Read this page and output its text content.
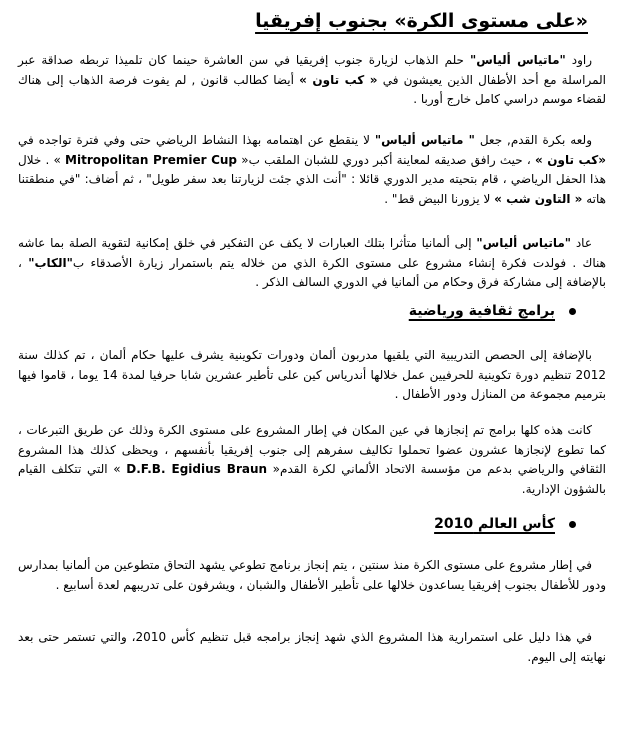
«على مستوى الكرة» بجنوب إفريقيا

راود "ماتياس ألياس" حلم الذهاب لزيارة جنوب إفريقيا في سن العاشرة حينما كان تلميذا تربطه صداقة عبر المراسلة مع أحد الأطفال الذين يعيشون في « كب تاون » أيضا كطالب قانون , لم يفوت فرصة الذهاب إلى هناك لقضاء موسم دراسي كامل خارج أوربا .

ولعه بكرة القدم, جعل " ماتياس ألياس" لا ينقطع عن اهتمامه بهذا النشاط الرياضي حتى وفي فترة تواجده في «كب تاون » ، حيث رافق صديقه لمعاينة أكبر دوري للشبان الملقب ب« Mitropolitan Premier Cup » . خلال هذا الحفل الرياضي ، قام بتحيته مدير الدوري قائلا : "أنت الذي جئت لزيارتنا بعد سفر طويل" ، ثم أضاف: "في منطقتنا هاته « التاون شب » لا يزورنا البيض قط" .

عاد "ماتياس ألياس" إلى ألمانيا متأثرا بتلك العبارات لا يكف عن التفكير في خلق إمكانية لتقوية الصلة بما عاشه هناك . فولدت فكرة إنشاء مشروع على مستوى الكرة الذي من خلاله يتم باستمرار زيارة الأصدقاء ب"الكاب" ، بالإضافة إلى مشاركة فرق وحكام من ألمانيا في الدوري السالف الذكر .

برامج ثقافية ورياضية

بالإضافة إلى الحصص التدريبية التي يلقيها مدربون ألمان ودورات تكوينية يشرف عليها حكام ألمان ، تم كذلك سنة 2012 تنظيم دورة تكوينية للحرفيين عمل خلالها أندرياس كين على تأطير عشرين شابا حرفيا لمدة 14 يوما ، قاموا فيها بترميم مجموعة من المنازل ودور الأطفال .

كانت هذه كلها برامج تم إنجازها في عين المكان في إطار المشروع على مستوى الكرة وذلك عن طريق التبرعات ، كما تطوع لإنجازها عشرون عضوا تحملوا تكاليف سفرهم إلى جنوب إفريقيا بأنفسهم ، ويحظى كذلك هذا المشروع الثقافي والرياضي بدعم من مؤسسة الاتحاد الألماني لكرة القدم« D.F.B. Egidius Braun » التي تتكلف القيام بالشؤون الإدارية.

كأس العالم 2010

في إطار مشروع على مستوى الكرة منذ سنتين ، يتم إنجاز برنامج تطوعي يشهد التحاق متطوعين من ألمانيا بمدارس ودور للأطفال بجنوب إفريقيا يساعدون خلالها على تأطير الأطفال والشبان ، ويشرفون على تدريبهم لعدة أسابيع .

في هذا دليل على استمرارية هذا المشروع الذي شهد إنجاز برامجه قبل تنظيم كأس 2010، والتي تستمر حتى بعد نهايته إلى اليوم.
